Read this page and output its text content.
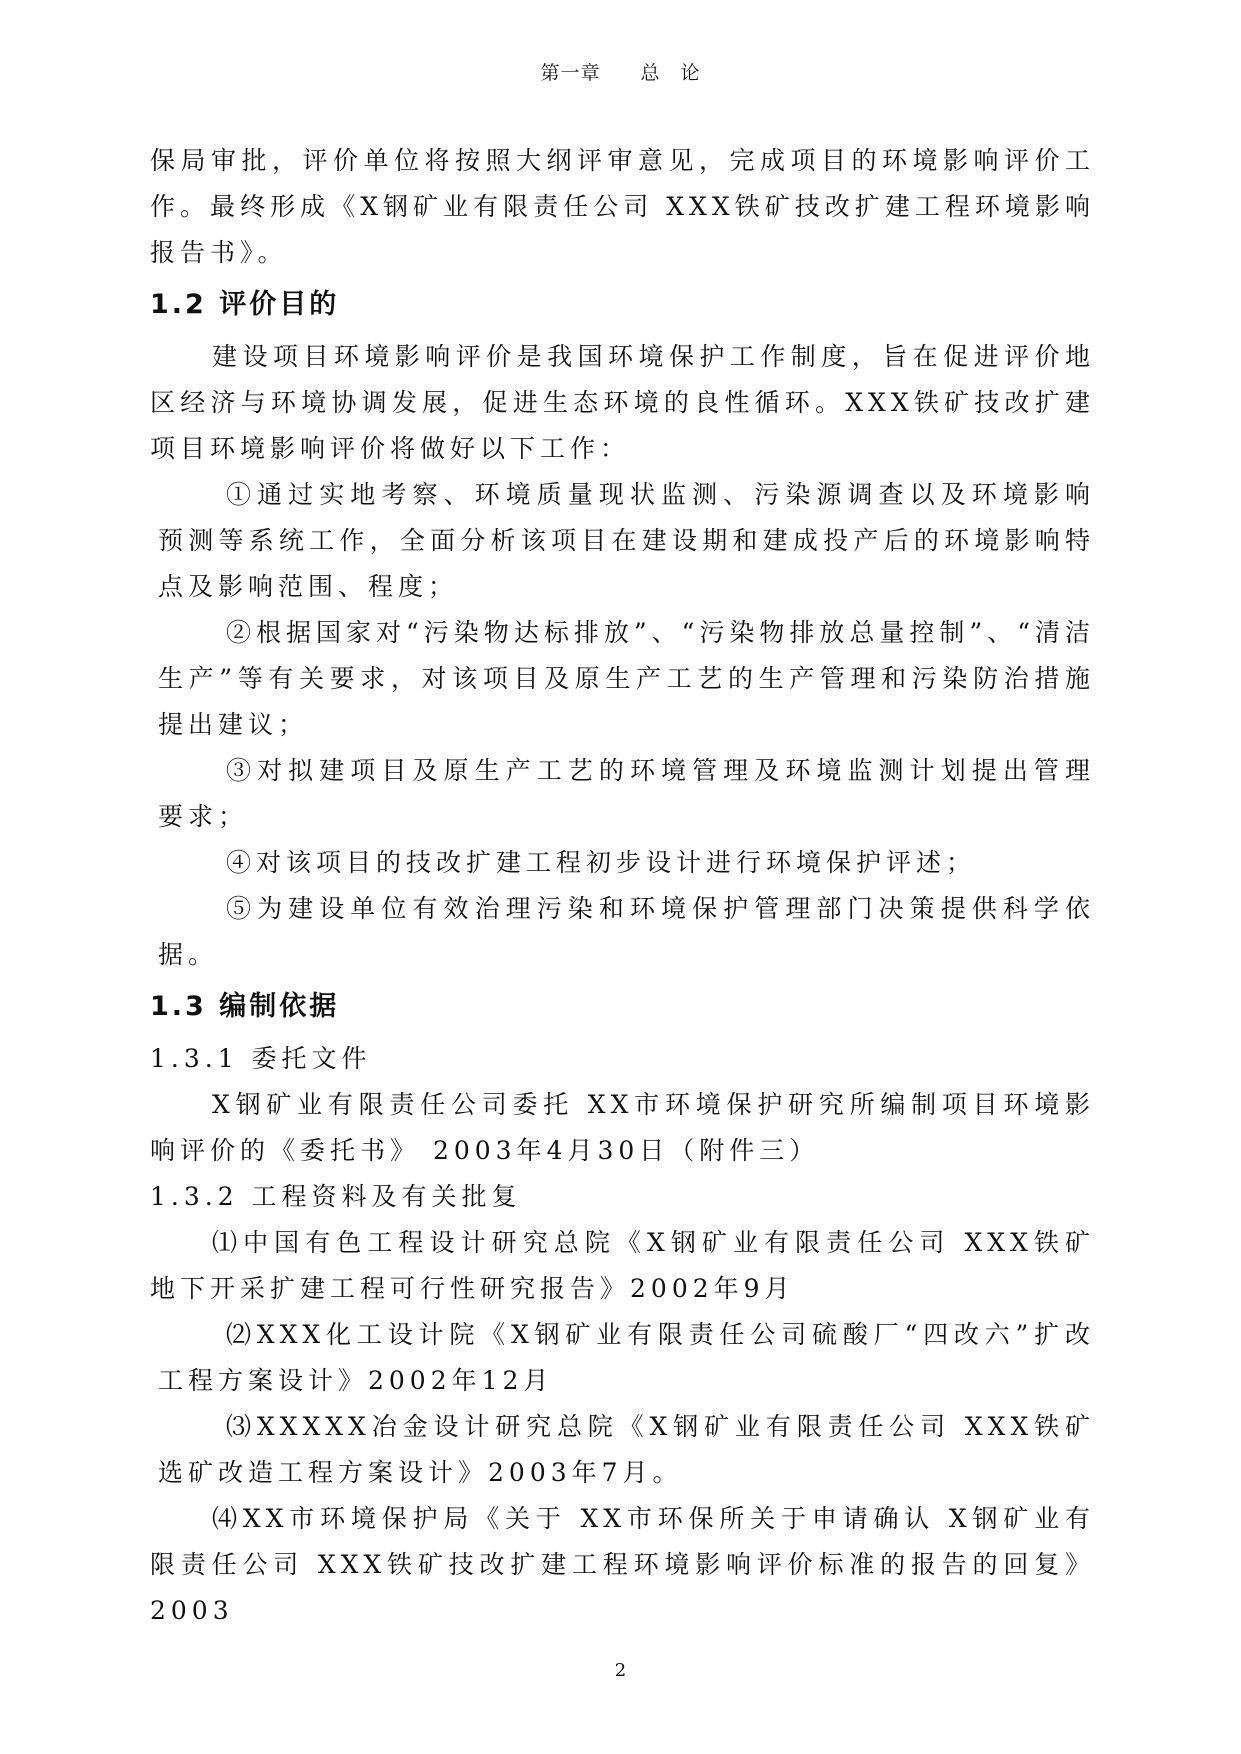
第一章 总　论

保局审批，评价单位将按照大纲评审意见，完成项目的环境影响评价工作。最终形成《X钢矿业有限责任公司 XXX铁矿技改扩建工程环境影响报告书》。

1.2 评价目的

建设项目环境影响评价是我国环境保护工作制度，旨在促进评价地区经济与环境协调发展，促进生态环境的良性循环。XXX铁矿技改扩建项目环境影响评价将做好以下工作：

①通过实地考察、环境质量现状监测、污染源调查以及环境影响预测等系统工作，全面分析该项目在建设期和建成投产后的环境影响特点及影响范围、程度；

②根据国家对“污染物达标排放”、“污染物排放总量控制”、“清洁生产”等有关要求，对该项目及原生产工艺的生产管理和污染防治措施提出建议；

③对拟建项目及原生产工艺的环境管理及环境监测计划提出管理要求；

④对该项目的技改扩建工程初步设计进行环境保护评述；

⑤为建设单位有效治理污染和环境保护管理部门决策提供科学依据。

1.3 编制依据

1.3.1 委托文件

X钢矿业有限责任公司委托 XX市环境保护研究所编制项目环境影响评价的《委托书》 2003年4月30日（附件三）

1.3.2 工程资料及有关批复

⑴中国有色工程设计研究总院《X钢矿业有限责任公司 XXX铁矿地下开采扩建工程可行性研究报告》2002年9月

⑵XXX化工设计院《X钢矿业有限责任公司硫酸厂“四改六”扩改工程方案设计》2002年12月

⑶XXXXX冶金设计研究总院《X钢矿业有限责任公司 XXX铁矿选矿改造工程方案设计》2003年7月。

⑷XX市环境保护局《关于 XX市环保所关于申请确认 X钢矿业有限责任公司 XXX铁矿技改扩建工程环境影响评价标准的报告的回复》 2003

2
